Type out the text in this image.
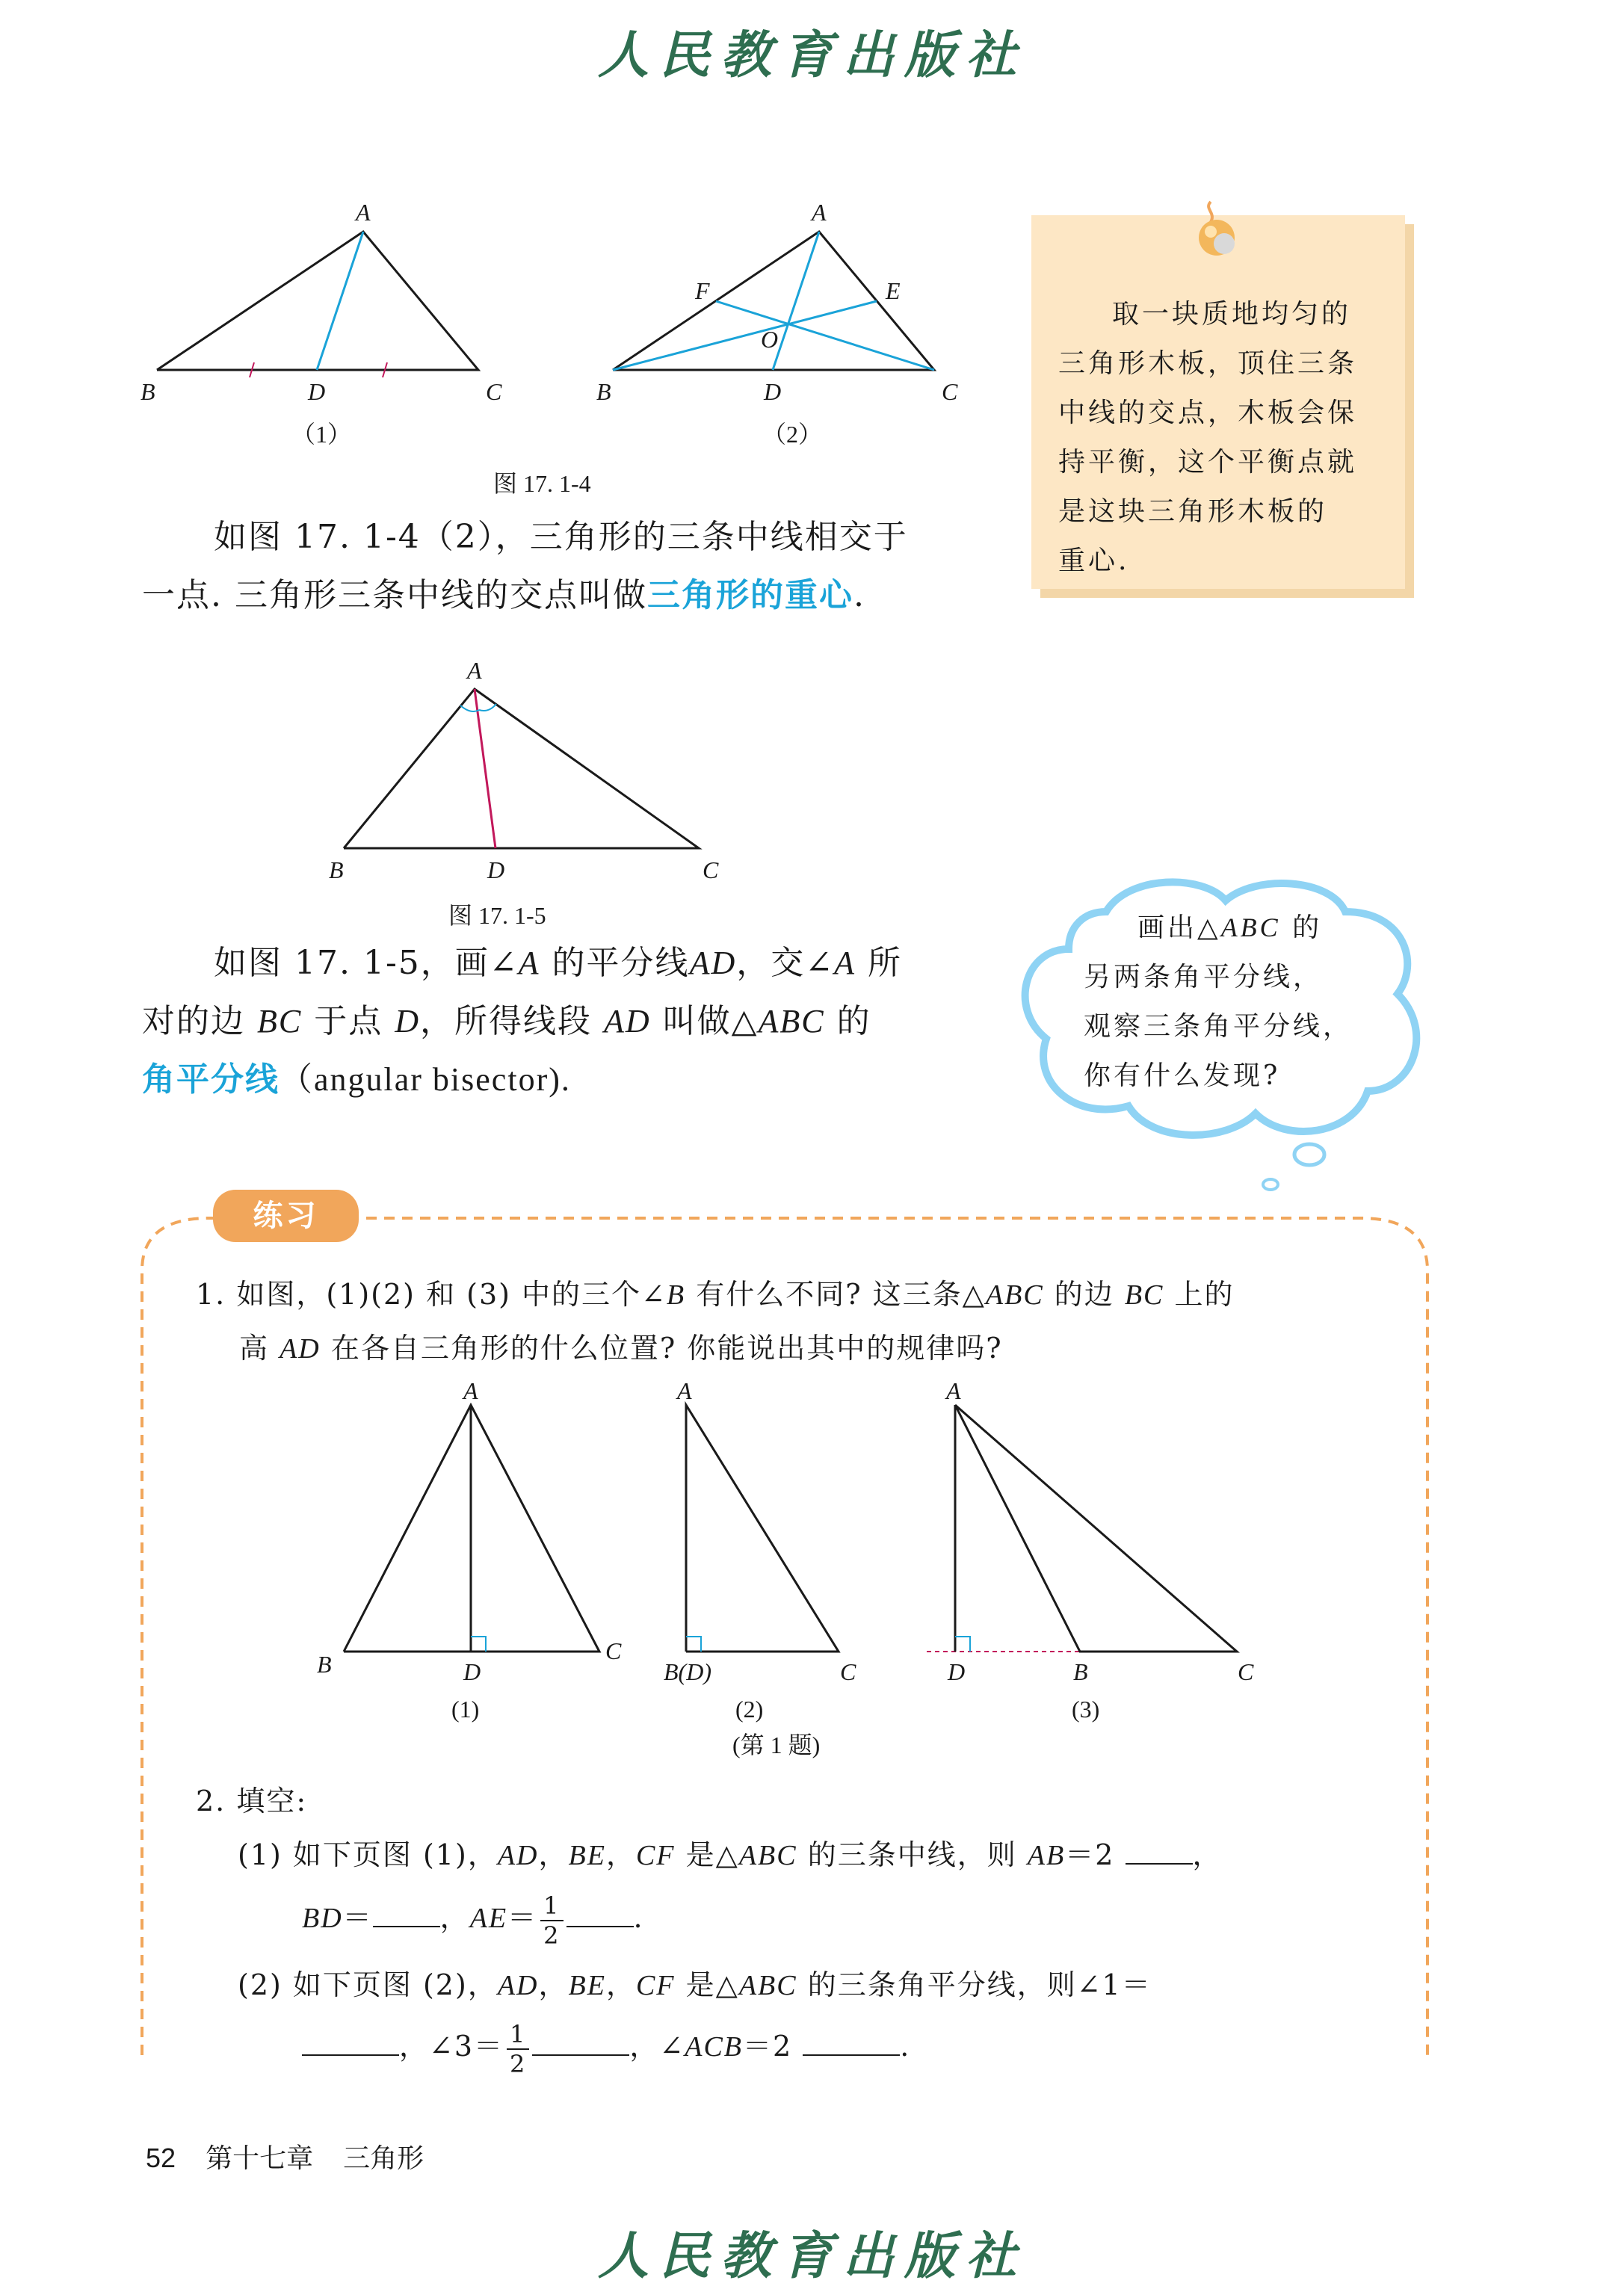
人民教育出版社
A
B	C
D
（1）
A
B	C
D
E
F
O
（2）
图 17. 1-4
如图 17. 1-4（2），三角形的三条中线相交于
一点. 三角形三条中线的交点叫做三角形的重心.
取一块质地均匀的
三角形木板，顶住三条
中线的交点，木板会保
持平衡，这个平衡点就
是这块三角形木板的
重心.
A
B	D	C
图 17. 1-5
如图 17. 1-5，画∠A 的平分线AD，交∠A 所
对的边 BC 于点 D，所得线段 AD 叫做△ABC 的
角平分线（angular bisector).
画出△ABC 的
另两条角平分线，
观察三条角平分线，
你有什么发现?
练习
1. 如图，(1)(2) 和 (3) 中的三个∠B 有什么不同? 这三条△ABC 的边 BC 上的
高 AD 在各自三角形的什么位置? 你能说出其中的规律吗?
A
B	D
C
(1)
A
B(D)	C
(2)
A
D	B	C
(3)
(第 1 题)
2. 填空:
(1) 如下页图 (1)，AD，BE，CF 是△ABC 的三条中线，则 AB＝2	，
BD＝ ，$AE= \frac{1}{2}$ .
(2) 如下页图 (2)，AD，BE，CF 是△ABC 的三条角平分线，则∠1＝
，∠3＝ $\frac{1}{2}$	，∠ACB＝2	.
52 第十七章 三角形
人民教育出版社
